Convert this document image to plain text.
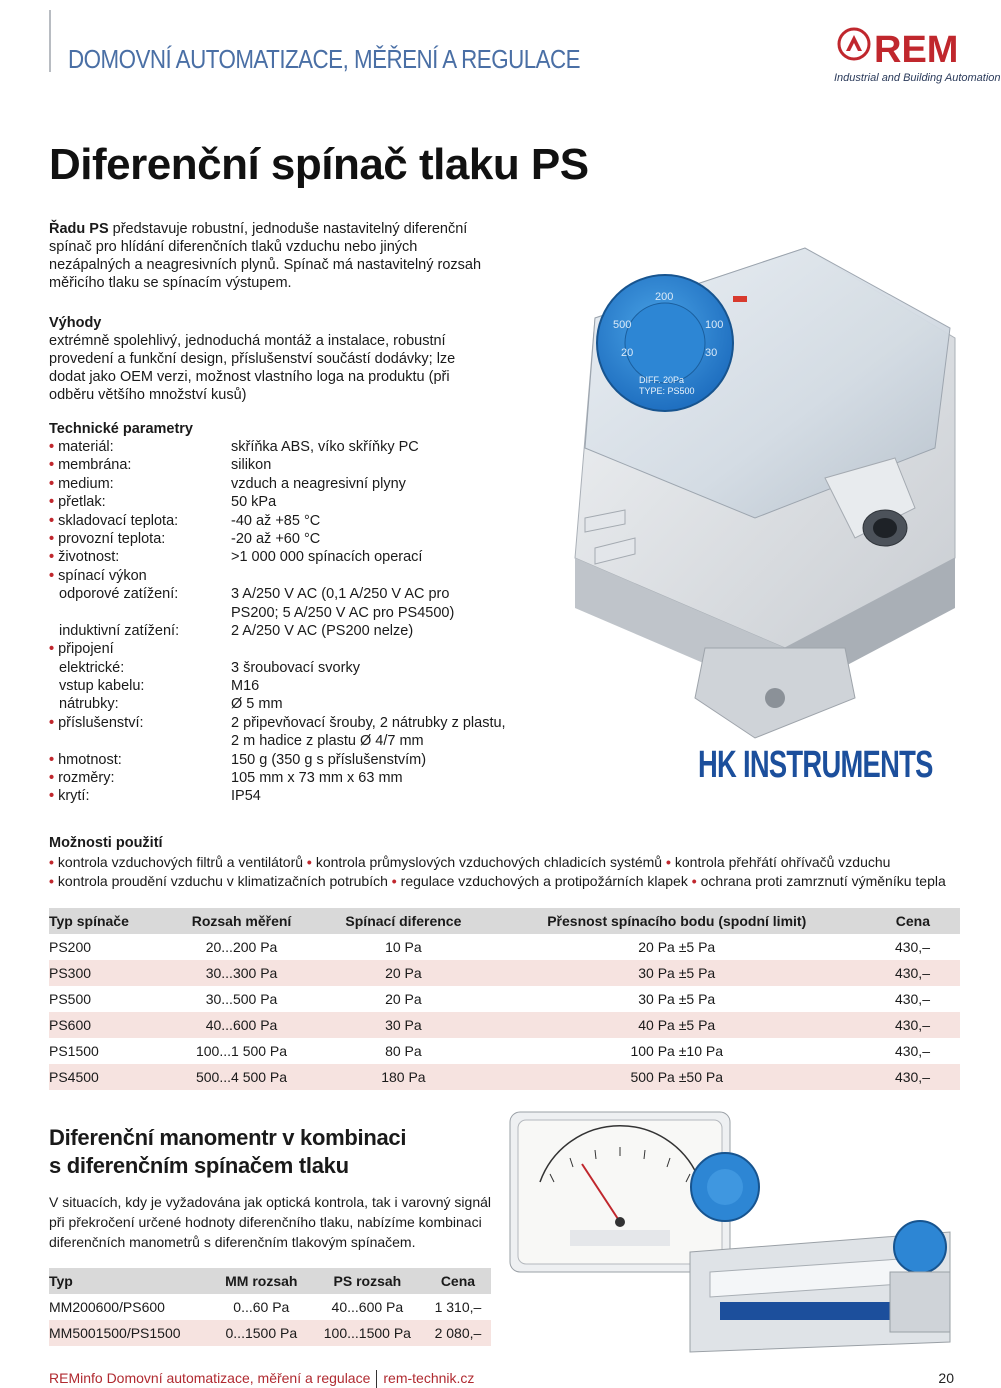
DOMOVNÍ AUTOMATIZACE, MĚŘENÍ A REGULACE	REM
Industrial and Building Automation
Diferenční spínač tlaku PS

Řadu PS představuje robustní, jednoduše nastavitelný diferenční spínač pro hlídání diferenčních tlaků vzduchu nebo jiných nezápalných a neagresivních plynů. Spínač má nastavitelný rozsah měřicího tlaku se spínacím výstupem.

Výhody
extrémně spolehlivý, jednoduchá montáž a instalace, robustní provedení a funkční design, příslušenství součástí dodávky; lze dodat jako OEM verzi, možnost vlastního loga na produktu (při odběru většího množství kusů)
Technické parametry
• materiál:	skříňka ABS, víko skříňky PC
• membrána:	silikon
• medium:	vzduch a neagresivní plyny
• přetlak:	50 kPa
• skladovací teplota:	-40 až +85 °C
• provozní teplota:	-20 až +60 °C
• životnost:	>1 000 000 spínacích operací
• spínací výkon
odporové zatížení:	3 A/250 V AC (0,1 A/250 V AC pro
PS200; 5 A/250 V AC pro PS4500)
induktivní zatížení:	2 A/250 V AC (PS200 nelze)
• připojení
elektrické:	3 šroubovací svorky
vstup kabelu:	M16
nátrubky:	Ø 5 mm
• příslušenství:	2 připevňovací šrouby, 2 nátrubky z plastu,
2 m hadice z plastu Ø 4/7 mm
• hmotnost:	150 g (350 g s příslušenstvím)
• rozměry:	105 mm x 73 mm x 63 mm
• krytí:	IP54
500
200
100
30
20
DIFF. 20Pa
TYPE: PS500
HK INSTRUMENTS
Možnosti použití
• kontrola vzduchových filtrů a ventilátorů • kontrola průmyslových vzduchových chladicích systémů • kontrola přehřátí ohřívačů vzduchu
• kontrola proudění vzduchu v klimatizačních potrubích • regulace vzduchových a protipožárních klapek • ochrana proti zamrznutí výměníku tepla
Typ spínače	Rozsah měření	Spínací diference	Přesnost spínacího bodu (spodní limit)	Cena
PS200	20...200 Pa	10 Pa	20 Pa ±5 Pa	430,–
PS300	30...300 Pa	20 Pa	30 Pa ±5 Pa	430,–
PS500	30...500 Pa	20 Pa	30 Pa ±5 Pa	430,–
PS600	40...600 Pa	30 Pa	40 Pa ±5 Pa	430,–
PS1500	100...1 500 Pa	80 Pa	100 Pa ±10 Pa	430,–
PS4500	500...4 500 Pa	180 Pa	500 Pa ±50 Pa	430,–
Diferenční manomentr v kombinaci
s diferenčním spínačem tlaku

V situacích, kdy je vyžadována jak optická kontrola, tak i varovný signál při překročení určené hodnoty diferenčního tlaku, nabízíme kombinaci diferenčních manometrů s diferenčním tlakovým spínačem.

Typ	MM rozsah	PS rozsah	Cena
MM200600/PS600	0...60 Pa	40...600 Pa	1 310,–
MM5001500/PS1500	0...1500 Pa	100...1500 Pa	2 080,–
REMinfo Domovní automatizace, měření a regulace rem-technik.cz	20
